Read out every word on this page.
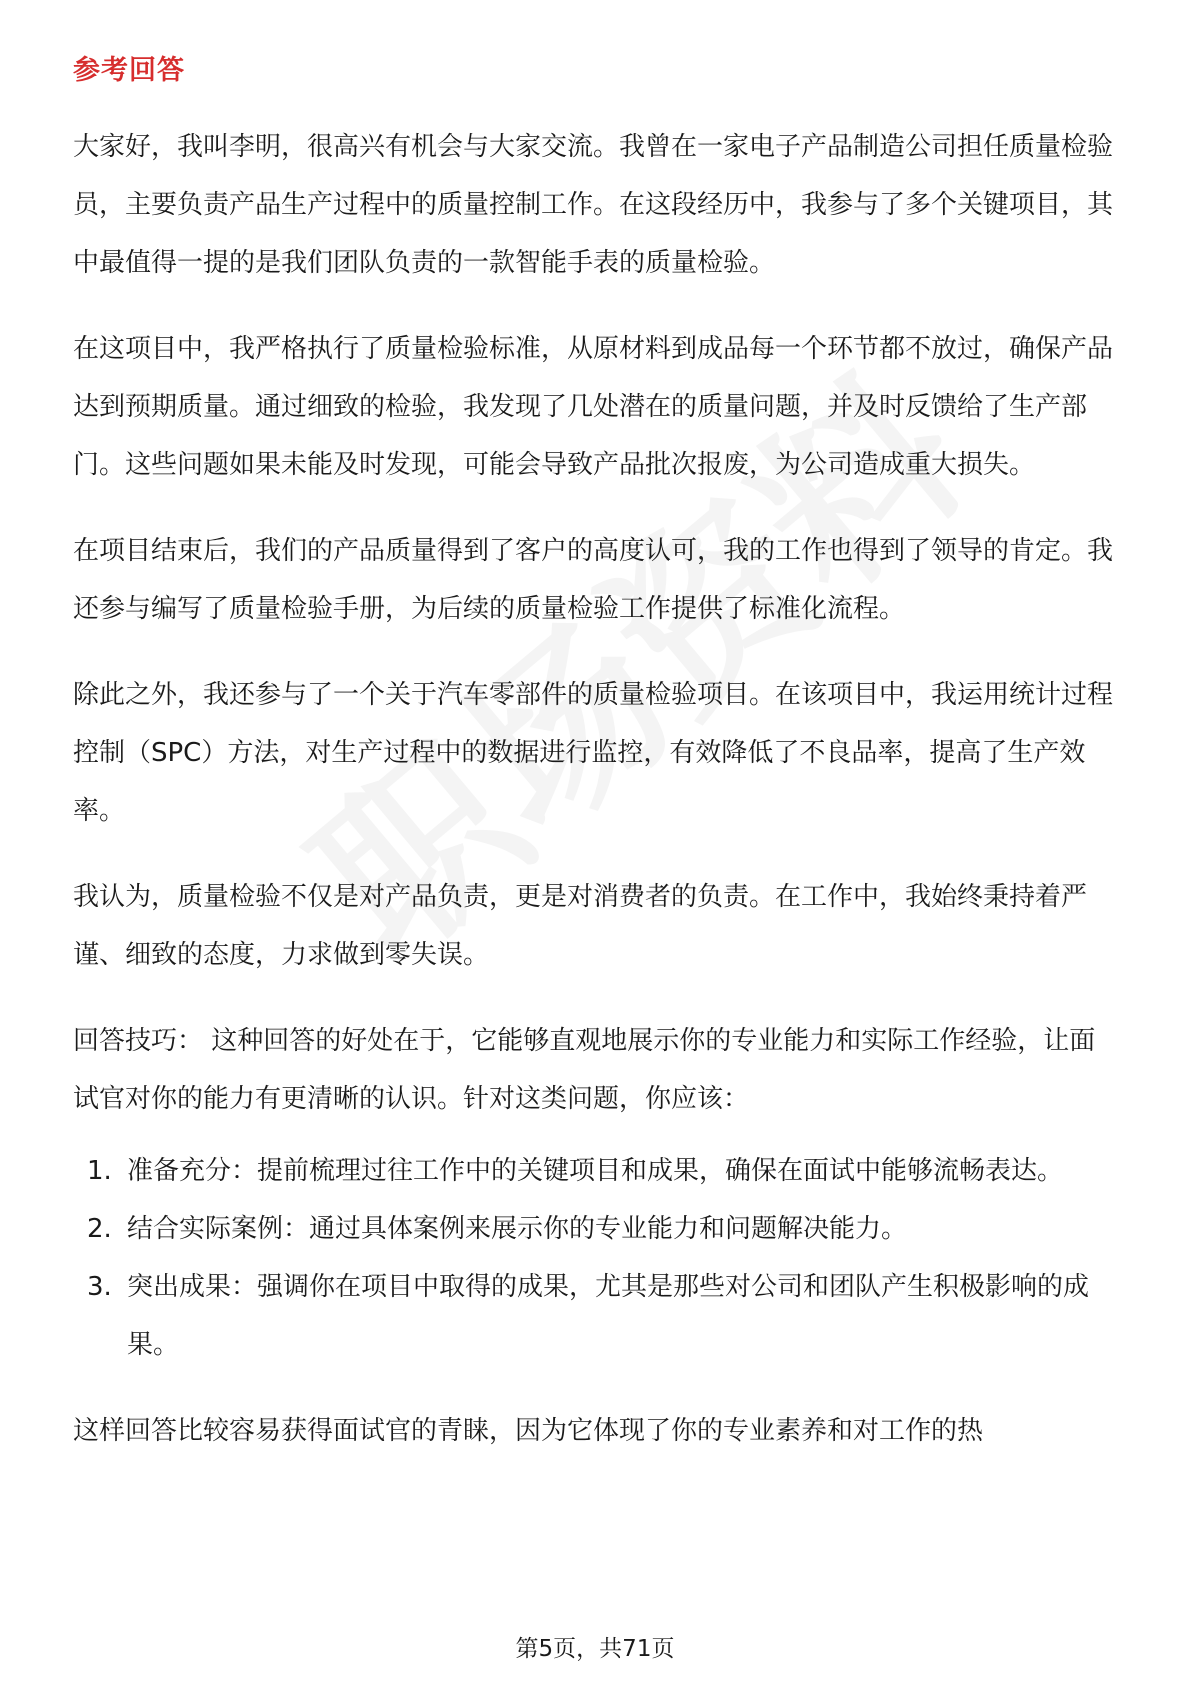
参考回答

大家好，我叫李明，很高兴有机会与大家交流。我曾在一家电子产品制造公司担任质量检验员，主要负责产品生产过程中的质量控制工作。在这段经历中，我参与了多个关键项目，其中最值得一提的是我们团队负责的一款智能手表的质量检验。

在这项目中，我严格执行了质量检验标准，从原材料到成品每一个环节都不放过，确保产品达到预期质量。通过细致的检验，我发现了几处潜在的质量问题，并及时反馈给了生产部门。这些问题如果未能及时发现，可能会导致产品批次报废，为公司造成重大损失。

在项目结束后，我们的产品质量得到了客户的高度认可，我的工作也得到了领导的肯定。我还参与编写了质量检验手册，为后续的质量检验工作提供了标准化流程。

除此之外，我还参与了一个关于汽车零部件的质量检验项目。在该项目中，我运用统计过程控制（SPC）方法，对生产过程中的数据进行监控，有效降低了不良品率，提高了生产效率。

我认为，质量检验不仅是对产品负责，更是对消费者的负责。在工作中，我始终秉持着严谨、细致的态度，力求做到零失误。

回答技巧： 这种回答的好处在于，它能够直观地展示你的专业能力和实际工作经验，让面试官对你的能力有更清晰的认识。针对这类问题，你应该：

1. 准备充分：提前梳理过往工作中的关键项目和成果，确保在面试中能够流畅表达。
2. 结合实际案例：通过具体案例来展示你的专业能力和问题解决能力。
3. 突出成果：强调你在项目中取得的成果，尤其是那些对公司和团队产生积极影响的成果。

这样回答比较容易获得面试官的青睐，因为它体现了你的专业素养和对工作的热

第5页，共71页
